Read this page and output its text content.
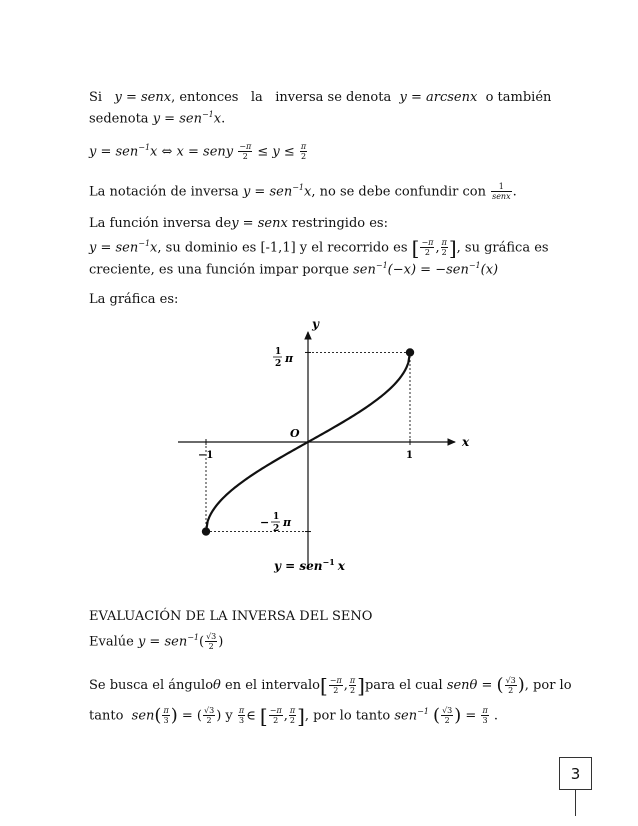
Si y = senx, entonces la inversa se denota y = arcsenx o también
sedenota y = sen$^{-1}$x.
y = sen$^{-1}$x ⇔ x = seny $\frac{-\pi}{2} \le y \le \frac{\pi}{2}$
La notación de inversa y = sen$^{-1}$x, no se debe confundir con $\frac{1}{\text{senx}}$ .
La función inversa dey = senx restringido es:
y = sen$^{-1}$x, su dominio es [-1,1] y el recorrido es [ $\frac{-\pi}{2}$ , $\frac{\pi}{2}$ ], su gráfica es
creciente, es una función impar porque sen$^{-1}$(−x) = −sen$^{-1}$(x)
La gráfica es:
y
x
O
1
2 π
− 1
2 π
−1	1
y = sen$^{-1}$ x
EVALUACIÓN DE LA INVERSA DEL SENO
Evalúe $y = sen^{-1}( \frac{√3}{2}$ )
Se busca el ánguloθ en el intervalo[ $\frac{-\pi}{2}$ , $\frac{\pi}{2}$ ]para el cual senθ = ( $\frac{√3}{2}$ ), por lo
tanto $sen( \frac{\pi}{3}$ ) = ( $\frac{√3}{2}$ ) y $\frac{\pi}{3}$ ∈ [ $\frac{-\pi}{2}$ , $\frac{\pi}{2}$ ], por lo tanto sen$^{-1}$ ( $\frac{√3}{2}$ ) = $\frac{\pi}{3}$ .
3
